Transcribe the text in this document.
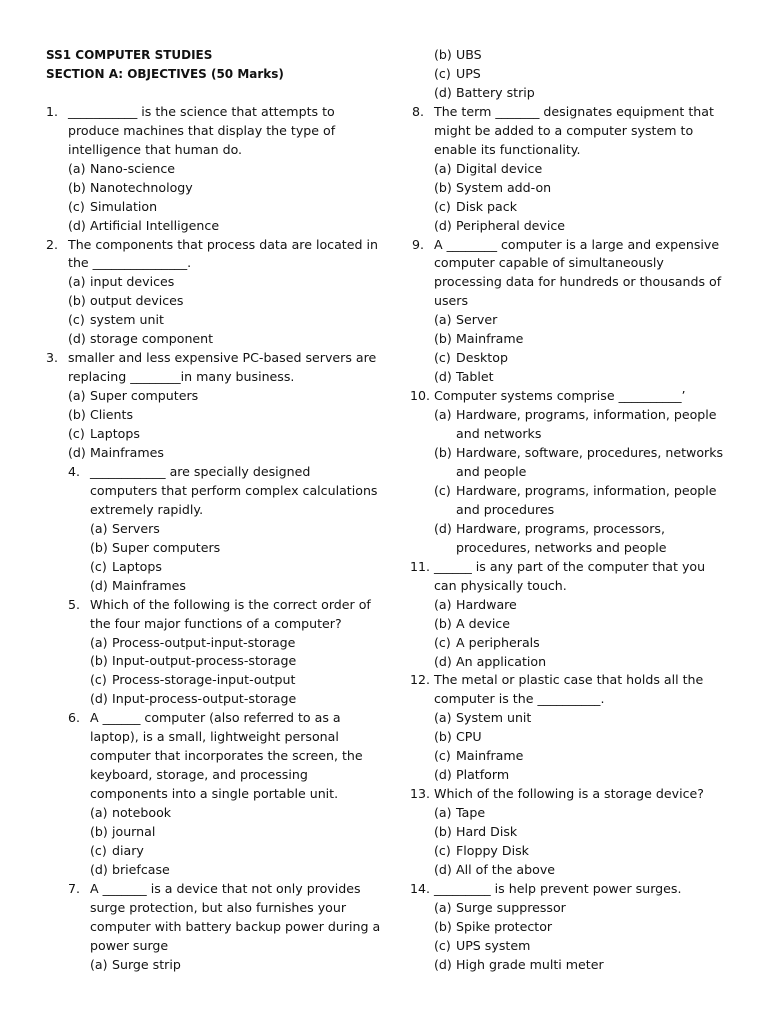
SS1 COMPUTER STUDIES
SECTION A: OBJECTIVES (50 Marks)
1. ___________ is the science that attempts to
produce machines that display the type of
intelligence that human do.
(a) Nano-science
(b) Nanotechnology
(c) Simulation
(d) Artificial Intelligence
2. The components that process data are located in
the _______________.
(a) input devices
(b) output devices
(c) system unit
(d) storage component
3. smaller and less expensive PC-based servers are
replacing ________in many business.
(a) Super computers
(b) Clients
(c) Laptops
(d) Mainframes
4. ____________ are specially designed
computers that perform complex calculations
extremely rapidly.
(a) Servers
(b) Super computers
(c) Laptops
(d) Mainframes
5. Which of the following is the correct order of
the four major functions of a computer?
(a) Process-output-input-storage
(b) Input-output-process-storage
(c) Process-storage-input-output
(d) Input-process-output-storage
6. A ______ computer (also referred to as a
laptop), is a small, lightweight personal
computer that incorporates the screen, the
keyboard, storage, and processing
components into a single portable unit.
(a) notebook
(b) journal
(c) diary
(d) briefcase
7. A _______ is a device that not only provides
surge protection, but also furnishes your
computer with battery backup power during a
power surge
(a) Surge strip
(b) UBS
(c) UPS
(d) Battery strip
8. The term _______ designates equipment that
might be added to a computer system to
enable its functionality.
(a) Digital device
(b) System add-on
(c) Disk pack
(d) Peripheral device
9. A ________ computer is a large and expensive
computer capable of simultaneously
processing data for hundreds or thousands of
users
(a) Server
(b) Mainframe
(c) Desktop
(d) Tablet
10. Computer systems comprise __________’
(a) Hardware, programs, information, people
and networks
(b) Hardware, software, procedures, networks
and people
(c) Hardware, programs, information, people
and procedures
(d) Hardware, programs, processors,
procedures, networks and people
11. ______ is any part of the computer that you
can physically touch.
(a) Hardware
(b) A device
(c) A peripherals
(d) An application
12. The metal or plastic case that holds all the
computer is the __________.
(a) System unit
(b) CPU
(c) Mainframe
(d) Platform
13. Which of the following is a storage device?
(a) Tape
(b) Hard Disk
(c) Floppy Disk
(d) All of the above
14. _________ is help prevent power surges.
(a) Surge suppressor
(b) Spike protector
(c) UPS system
(d) High grade multi meter
